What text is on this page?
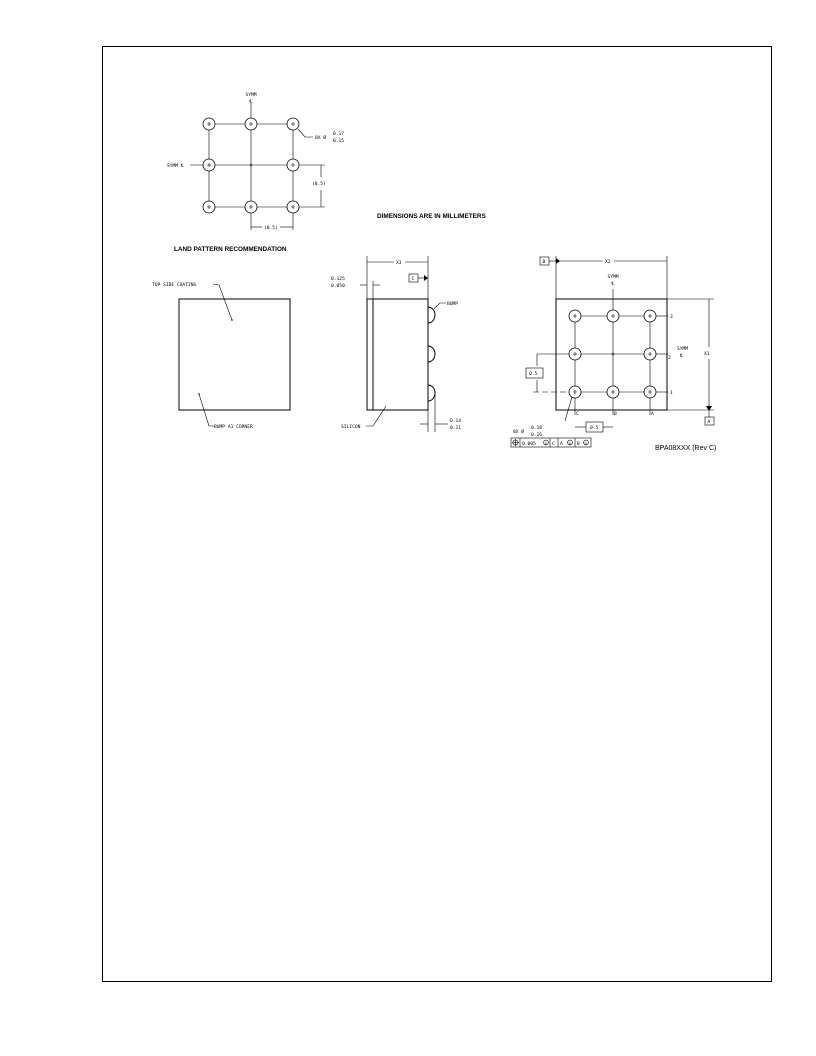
SYMM
℄
SYMM ℄
8X Ø
0.17
0.15
(0.5)
(0.5)
LAND PATTERN RECOMMENDATION
DIMENSIONS ARE IN MILLIMETERS
TOP SIDE COATING
BUMP A1 CORNER
X3
0.125
0.050
C
BUMP
SILICON
0.14
0.11
B	X2
SYMM
℄
SYMM
℄
3
2
1
X1
A
0.5
C	B	A
0.5
8X Ø
0.18
0.16
0.005 S C A S B S
BPA08XXX (Rev C)
